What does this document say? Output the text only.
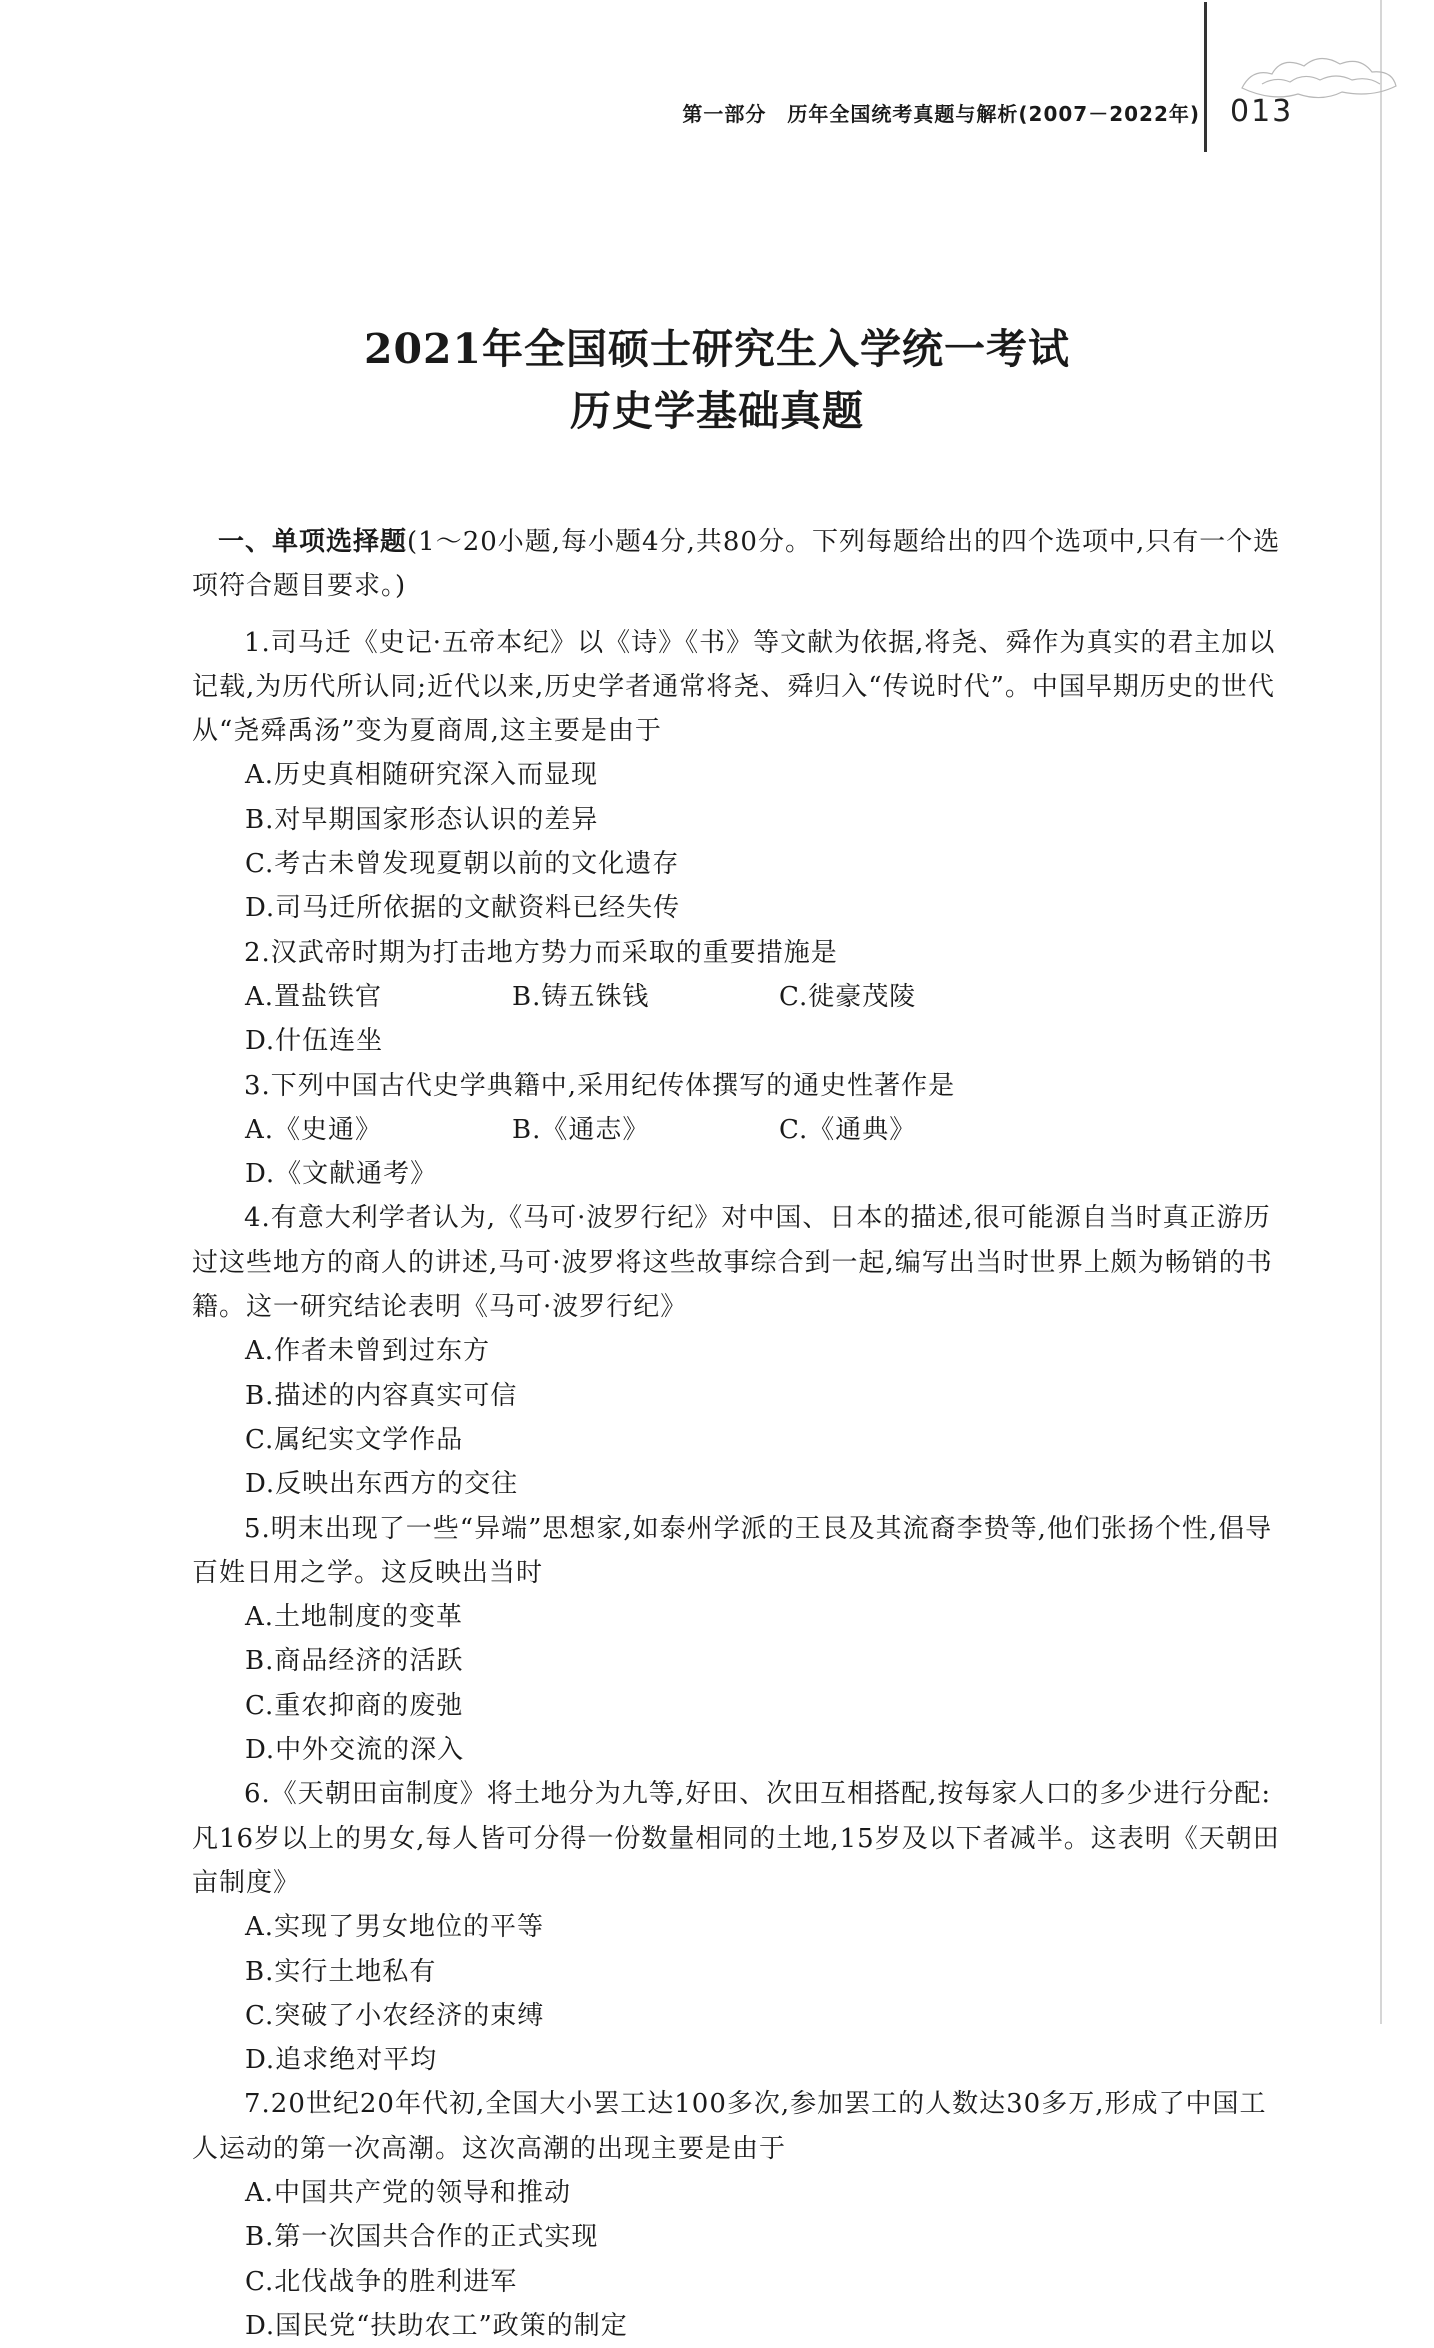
第一部分　历年全国统考真题与解析(2007－2022年) 013
2021年全国硕士研究生入学统一考试
历史学基础真题

一、单项选择题(1～20小题,每小题4分,共80分。下列每题给出的四个选项中,只有一个选项符合题目要求。)

1.司马迁《史记·五帝本纪》以《诗》《书》等文献为依据,将尧、舜作为真实的君主加以记载,为历代所认同;近代以来,历史学者通常将尧、舜归入“传说时代”。中国早期历史的世代从“尧舜禹汤”变为夏商周,这主要是由于
A.历史真相随研究深入而显现
B.对早期国家形态认识的差异
C.考古未曾发现夏朝以前的文化遗存
D.司马迁所依据的文献资料已经失传
2.汉武帝时期为打击地方势力而采取的重要措施是
A.置盐铁官	B.铸五铢钱	C.徙豪茂陵
D.什伍连坐
3.下列中国古代史学典籍中,采用纪传体撰写的通史性著作是
A.《史通》	B.《通志》	C.《通典》
D.《文献通考》
4.有意大利学者认为,《马可·波罗行纪》对中国、日本的描述,很可能源自当时真正游历过这些地方的商人的讲述,马可·波罗将这些故事综合到一起,编写出当时世界上颇为畅销的书籍。这一研究结论表明《马可·波罗行纪》
A.作者未曾到过东方
B.描述的内容真实可信
C.属纪实文学作品
D.反映出东西方的交往
5.明末出现了一些“异端”思想家,如泰州学派的王艮及其流裔李贽等,他们张扬个性,倡导百姓日用之学。这反映出当时
A.土地制度的变革
B.商品经济的活跃
C.重农抑商的废弛
D.中外交流的深入
6.《天朝田亩制度》将土地分为九等,好田、次田互相搭配,按每家人口的多少进行分配:凡16岁以上的男女,每人皆可分得一份数量相同的土地,15岁及以下者减半。这表明《天朝田亩制度》
A.实现了男女地位的平等
B.实行土地私有
C.突破了小农经济的束缚
D.追求绝对平均
7.20世纪20年代初,全国大小罢工达100多次,参加罢工的人数达30多万,形成了中国工人运动的第一次高潮。这次高潮的出现主要是由于
A.中国共产党的领导和推动
B.第一次国共合作的正式实现
C.北伐战争的胜利进军
D.国民党“扶助农工”政策的制定
